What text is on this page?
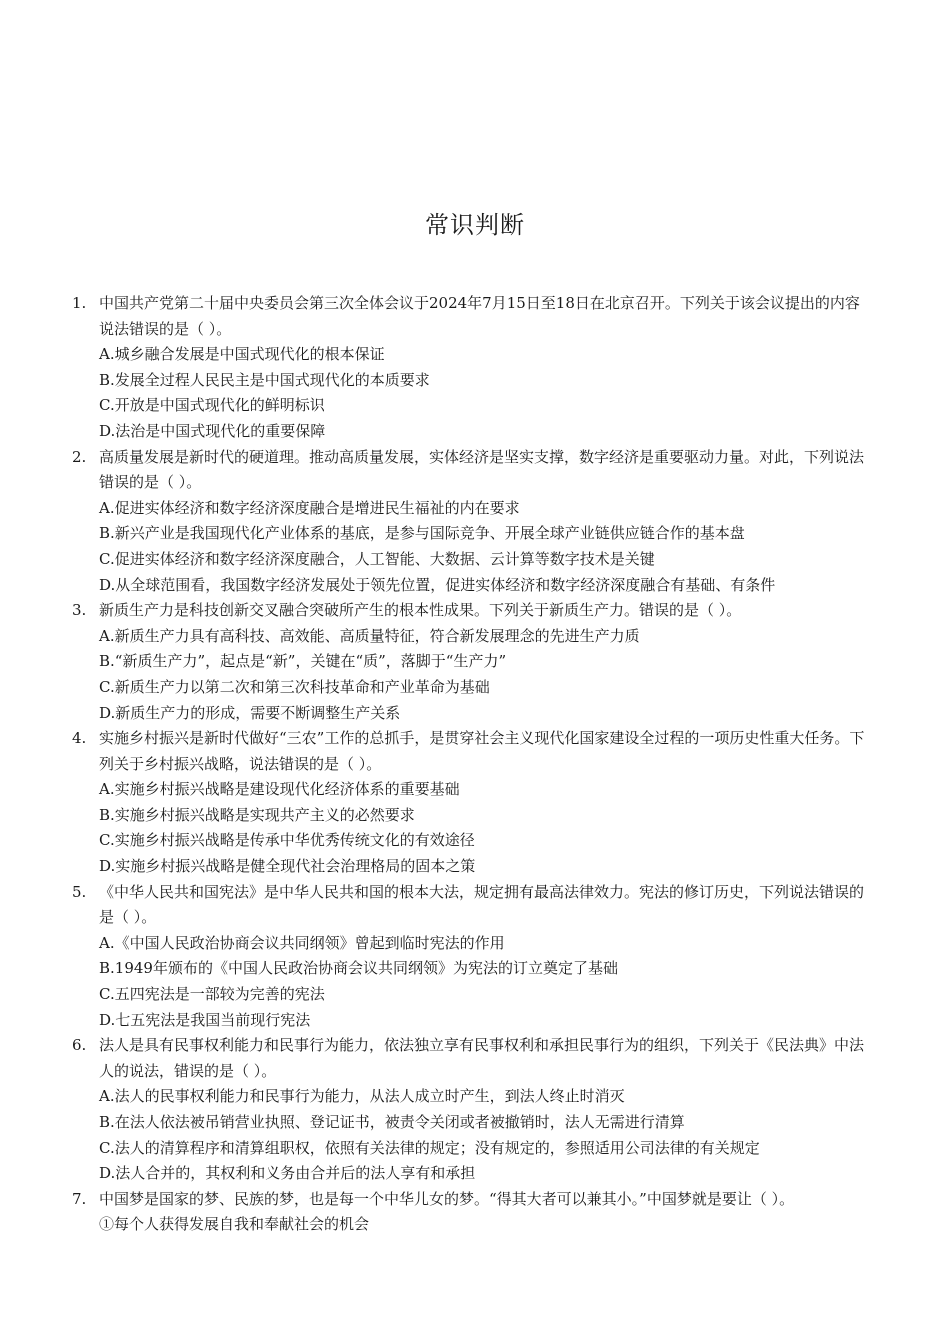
常识判断
1. 中国共产党第二十届中央委员会第三次全体会议于2024年7月15日至18日在北京召开。下列关于该会议提出的内容说法错误的是（ ）。
A.城乡融合发展是中国式现代化的根本保证
B.发展全过程人民民主是中国式现代化的本质要求
C.开放是中国式现代化的鲜明标识
D.法治是中国式现代化的重要保障
2. 高质量发展是新时代的硬道理。推动高质量发展，实体经济是坚实支撑，数字经济是重要驱动力量。对此，下列说法错误的是（ ）。
A.促进实体经济和数字经济深度融合是增进民生福祉的内在要求
B.新兴产业是我国现代化产业体系的基底，是参与国际竞争、开展全球产业链供应链合作的基本盘
C.促进实体经济和数字经济深度融合，人工智能、大数据、云计算等数字技术是关键
D.从全球范围看，我国数字经济发展处于领先位置，促进实体经济和数字经济深度融合有基础、有条件
3. 新质生产力是科技创新交叉融合突破所产生的根本性成果。下列关于新质生产力。错误的是（ ）。
A.新质生产力具有高科技、高效能、高质量特征，符合新发展理念的先进生产力质
B.“新质生产力”，起点是“新”，关键在“质”，落脚于“生产力”
C.新质生产力以第二次和第三次科技革命和产业革命为基础
D.新质生产力的形成，需要不断调整生产关系
4. 实施乡村振兴是新时代做好“三农”工作的总抓手，是贯穿社会主义现代化国家建设全过程的一项历史性重大任务。下列关于乡村振兴战略，说法错误的是（ ）。
A.实施乡村振兴战略是建设现代化经济体系的重要基础
B.实施乡村振兴战略是实现共产主义的必然要求
C.实施乡村振兴战略是传承中华优秀传统文化的有效途径
D.实施乡村振兴战略是健全现代社会治理格局的固本之策
5. 《中华人民共和国宪法》是中华人民共和国的根本大法，规定拥有最高法律效力。宪法的修订历史，下列说法错误的是（ ）。
A.《中国人民政治协商会议共同纲领》曾起到临时宪法的作用
B.1949年颁布的《中国人民政治协商会议共同纲领》为宪法的订立奠定了基础
C.五四宪法是一部较为完善的宪法
D.七五宪法是我国当前现行宪法
6. 法人是具有民事权利能力和民事行为能力，依法独立享有民事权利和承担民事行为的组织，下列关于《民法典》中法人的说法，错误的是（ ）。
A.法人的民事权利能力和民事行为能力，从法人成立时产生，到法人终止时消灭
B.在法人依法被吊销营业执照、登记证书，被责令关闭或者被撤销时，法人无需进行清算
C.法人的清算程序和清算组职权，依照有关法律的规定；没有规定的，参照适用公司法律的有关规定
D.法人合并的，其权利和义务由合并后的法人享有和承担
7. 中国梦是国家的梦、民族的梦，也是每一个中华儿女的梦。“得其大者可以兼其小。”中国梦就是要让（ ）。
①每个人获得发展自我和奉献社会的机会
